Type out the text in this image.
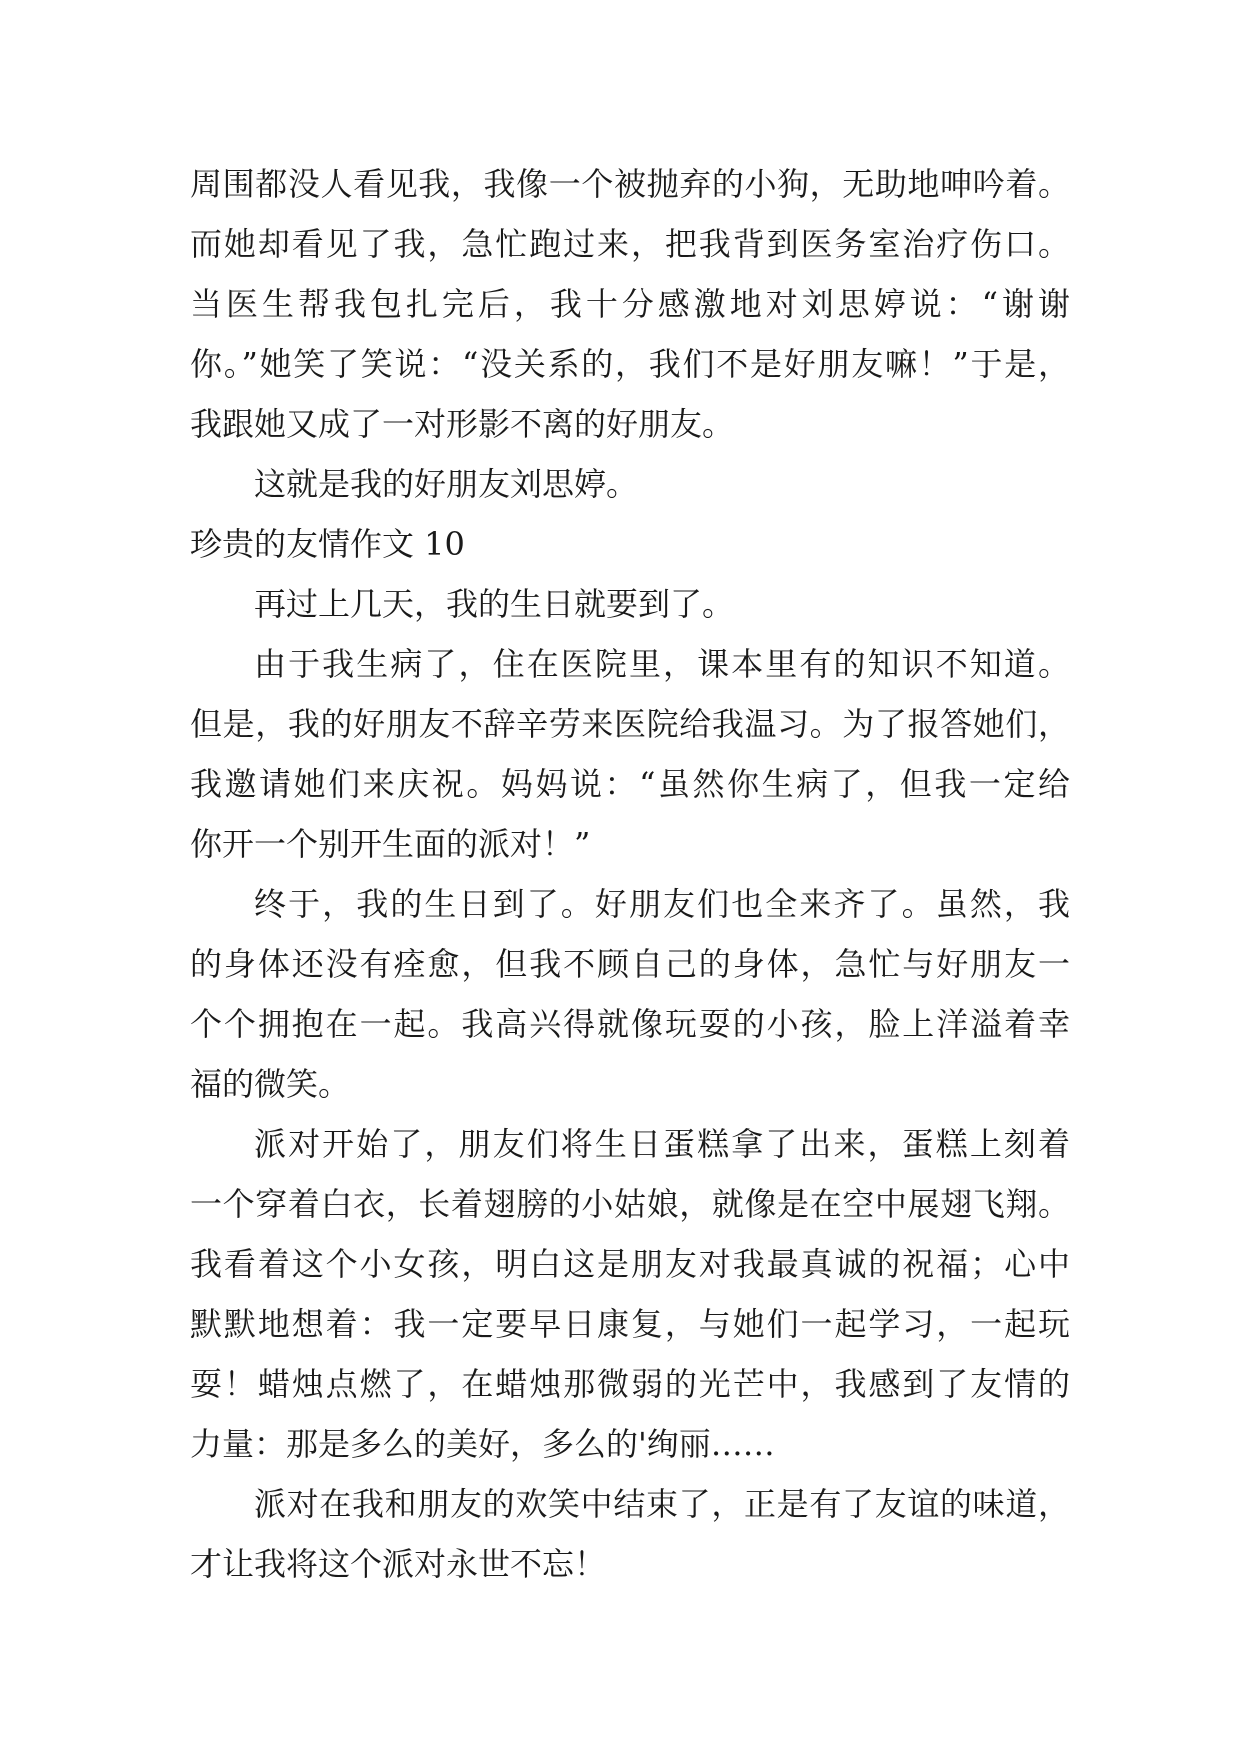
周围都没人看见我，我像一个被抛弃的小狗，无助地呻吟着。
而她却看见了我，急忙跑过来，把我背到医务室治疗伤口。
当医生帮我包扎完后，我十分感激地对刘思婷说：“谢谢
你。”她笑了笑说：“没关系的，我们不是好朋友嘛！”于是，
我跟她又成了一对形影不离的好朋友。
这就是我的好朋友刘思婷。
珍贵的友情作文 10
再过上几天，我的生日就要到了。
由于我生病了，住在医院里，课本里有的知识不知道。
但是，我的好朋友不辞辛劳来医院给我温习。为了报答她们，
我邀请她们来庆祝。妈妈说：“虽然你生病了，但我一定给
你开一个别开生面的派对！”
终于，我的生日到了。好朋友们也全来齐了。虽然，我
的身体还没有痊愈，但我不顾自己的身体，急忙与好朋友一
个个拥抱在一起。我高兴得就像玩耍的小孩，脸上洋溢着幸
福的微笑。
派对开始了，朋友们将生日蛋糕拿了出来，蛋糕上刻着
一个穿着白衣，长着翅膀的小姑娘，就像是在空中展翅飞翔。
我看着这个小女孩，明白这是朋友对我最真诚的祝福；心中
默默地想着：我一定要早日康复，与她们一起学习，一起玩
耍！蜡烛点燃了，在蜡烛那微弱的光芒中，我感到了友情的
力量：那是多么的美好，多么的'绚丽……
派对在我和朋友的欢笑中结束了，正是有了友谊的味道，
才让我将这个派对永世不忘！
